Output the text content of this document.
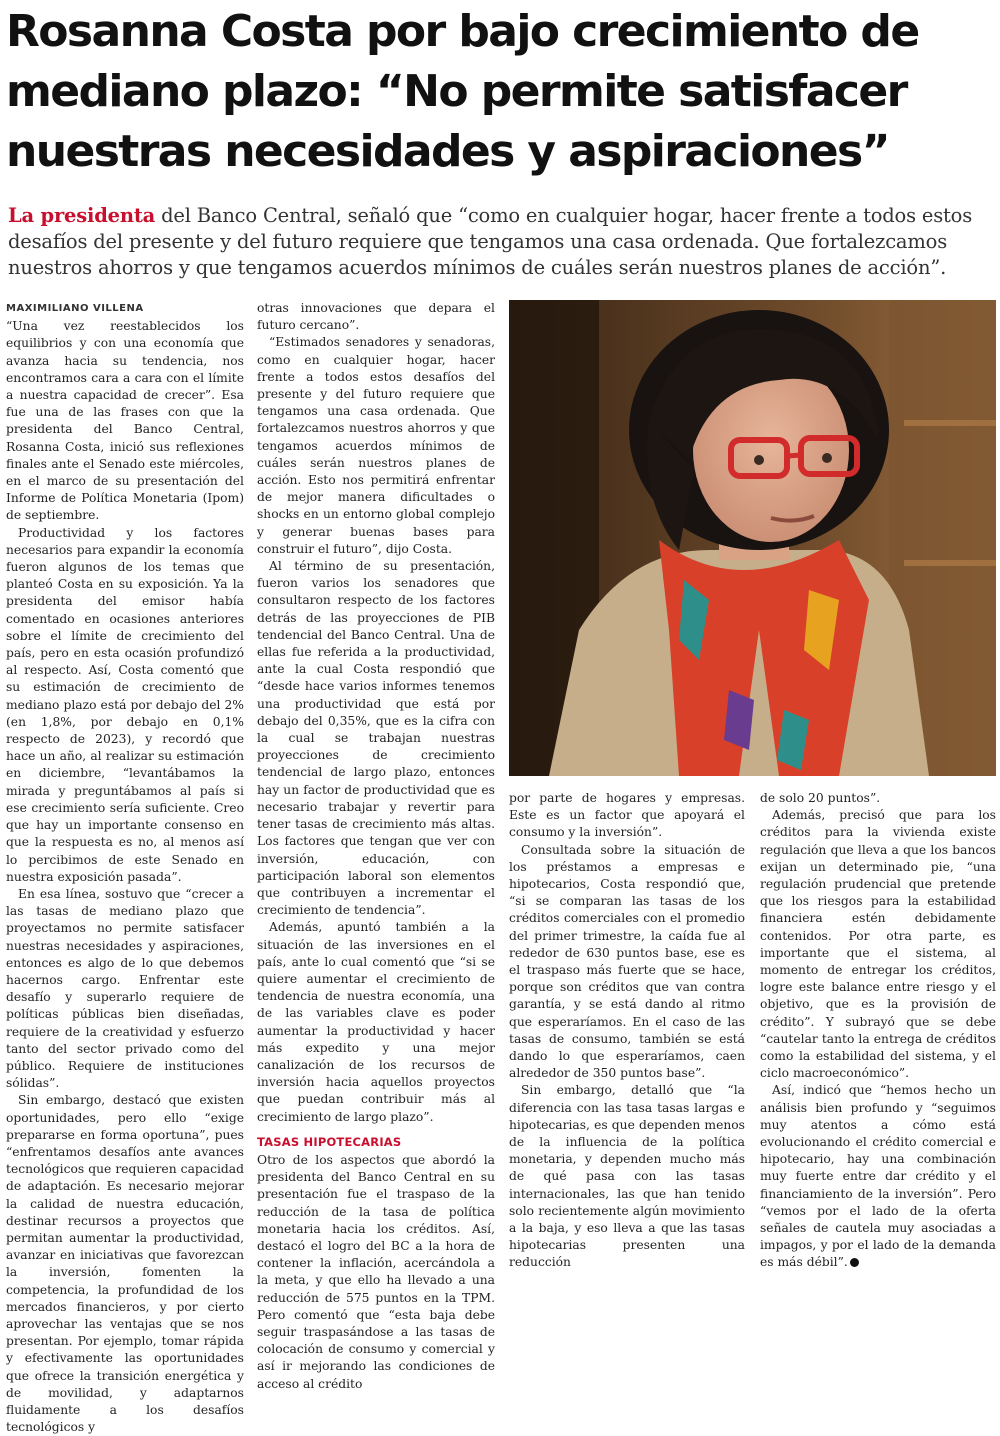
Rosanna Costa por bajo crecimiento de mediano plazo: “No permite satisfacer nuestras necesidades y aspiraciones”
La presidenta del Banco Central, señaló que “como en cualquier hogar, hacer frente a todos estos desafíos del presente y del futuro requiere que tengamos una casa ordenada. Que fortalezcamos nuestros ahorros y que tengamos acuerdos mínimos de cuáles serán nuestros planes de acción”.
MAXIMILIANO VILLENA

“Una vez reestablecidos los equilibrios y con una economía que avanza hacia su tendencia, nos encontramos cara a cara con el límite a nuestra capacidad de crecer”. Esa fue una de las frases con que la presidenta del Banco Central, Rosanna Costa, inició sus reflexiones finales ante el Senado este miércoles, en el marco de su presentación del Informe de Política Monetaria (Ipom) de septiembre.

Productividad y los factores necesarios para expandir la economía fueron algunos de los temas que planteó Costa en su exposición. Ya la presidenta del emisor había comentado en ocasiones anteriores sobre el límite de crecimiento del país, pero en esta ocasión profundizó al respecto. Así, Costa comentó que su estimación de crecimiento de mediano plazo está por debajo del 2% (en 1,8%, por debajo en 0,1% respecto de 2023), y recordó que hace un año, al realizar su estimación en diciembre, “levantábamos la mirada y preguntábamos al país si ese crecimiento sería suficiente. Creo que hay un importante consenso en que la respuesta es no, al menos así lo percibimos de este Senado en nuestra exposición pasada”.

En esa línea, sostuvo que “crecer a las tasas de mediano plazo que proyectamos no permite satisfacer nuestras necesidades y aspiraciones, entonces es algo de lo que debemos hacernos cargo. Enfrentar este desafío y superarlo requiere de políticas públicas bien diseñadas, requiere de la creatividad y esfuerzo tanto del sector privado como del público. Requiere de instituciones sólidas”.

Sin embargo, destacó que existen oportunidades, pero ello “exige prepararse en forma oportuna”, pues “enfrentamos desafíos ante avances tecnológicos que requieren capacidad de adaptación. Es necesario mejorar la calidad de nuestra educación, destinar recursos a proyectos que permitan aumentar la productividad, avanzar en iniciativas que favorezcan la inversión, fomenten la competencia, la profundidad de los mercados financieros, y por cierto aprovechar las ventajas que se nos presentan. Por ejemplo, tomar rápida y efectivamente las oportunidades que ofrece la transición energética y de movilidad, y adaptarnos fluidamente a los desafíos tecnológicos y

otras innovaciones que depara el futuro cercano”.

“Estimados senadores y senadoras, como en cualquier hogar, hacer frente a todos estos desafíos del presente y del futuro requiere que tengamos una casa ordenada. Que fortalezcamos nuestros ahorros y que tengamos acuerdos mínimos de cuáles serán nuestros planes de acción. Esto nos permitirá enfrentar de mejor manera dificultades o shocks en un entorno global complejo y generar buenas bases para construir el futuro”, dijo Costa.

Al término de su presentación, fueron varios los senadores que consultaron respecto de los factores detrás de las proyecciones de PIB tendencial del Banco Central. Una de ellas fue referida a la productividad, ante la cual Costa respondió que “desde hace varios informes tenemos una productividad que está por debajo del 0,35%, que es la cifra con la cual se trabajan nuestras proyecciones de crecimiento tendencial de largo plazo, entonces hay un factor de productividad que es necesario trabajar y revertir para tener tasas de crecimiento más altas. Los factores que tengan que ver con inversión, educación, con participación laboral son elementos que contribuyen a incrementar el crecimiento de tendencia”.

Además, apuntó también a la situación de las inversiones en el país, ante lo cual comentó que “si se quiere aumentar el crecimiento de tendencia de nuestra economía, una de las variables clave es poder aumentar la productividad y hacer más expedito y una mejor canalización de los recursos de inversión hacia aquellos proyectos que puedan contribuir más al crecimiento de largo plazo”.

TASAS HIPOTECARIAS

Otro de los aspectos que abordó la presidenta del Banco Central en su presentación fue el traspaso de la reducción de la tasa de política monetaria hacia los créditos. Así, destacó el logro del BC a la hora de contener la inflación, acercándola a la meta, y que ello ha llevado a una reducción de 575 puntos en la TPM. Pero comentó que “esta baja debe seguir traspasándose a las tasas de colocación de consumo y comercial y así ir mejorando las condiciones de acceso al crédito

por parte de hogares y empresas. Este es un factor que apoyará el consumo y la inversión”.

Consultada sobre la situación de los préstamos a empresas e hipotecarios, Costa respondió que, “si se comparan las tasas de los créditos comerciales con el promedio del primer trimestre, la caída fue al rededor de 630 puntos base, ese es el traspaso más fuerte que se hace, porque son créditos que van contra garantía, y se está dando al ritmo que esperaríamos. En el caso de las tasas de consumo, también se está dando lo que esperaríamos, caen alrededor de 350 puntos base”.

Sin embargo, detalló que “la diferencia con las tasa tasas largas e hipotecarias, es que dependen menos de la influencia de la política monetaria, y dependen mucho más de qué pasa con las tasas internacionales, las que han tenido solo recientemente algún movimiento a la baja, y eso lleva a que las tasas hipotecarias presenten una reducción

de solo 20 puntos”.

Además, precisó que para los créditos para la vivienda existe regulación que lleva a que los bancos exijan un determinado pie, “una regulación prudencial que pretende que los riesgos para la estabilidad financiera estén debidamente contenidos. Por otra parte, es importante que el sistema, al momento de entregar los créditos, logre este balance entre riesgo y el objetivo, que es la provisión de crédito”. Y subrayó que se debe “cautelar tanto la entrega de créditos como la estabilidad del sistema, y el ciclo macroeconómico”.

Así, indicó que “hemos hecho un análisis bien profundo y “seguimos muy atentos a cómo está evolucionando el crédito comercial e hipotecario, hay una combinación muy fuerte entre dar crédito y el financiamiento de la inversión”. Pero “vemos por el lado de la oferta señales de cautela muy asociadas a impagos, y por el lado de la demanda es más débil”.
